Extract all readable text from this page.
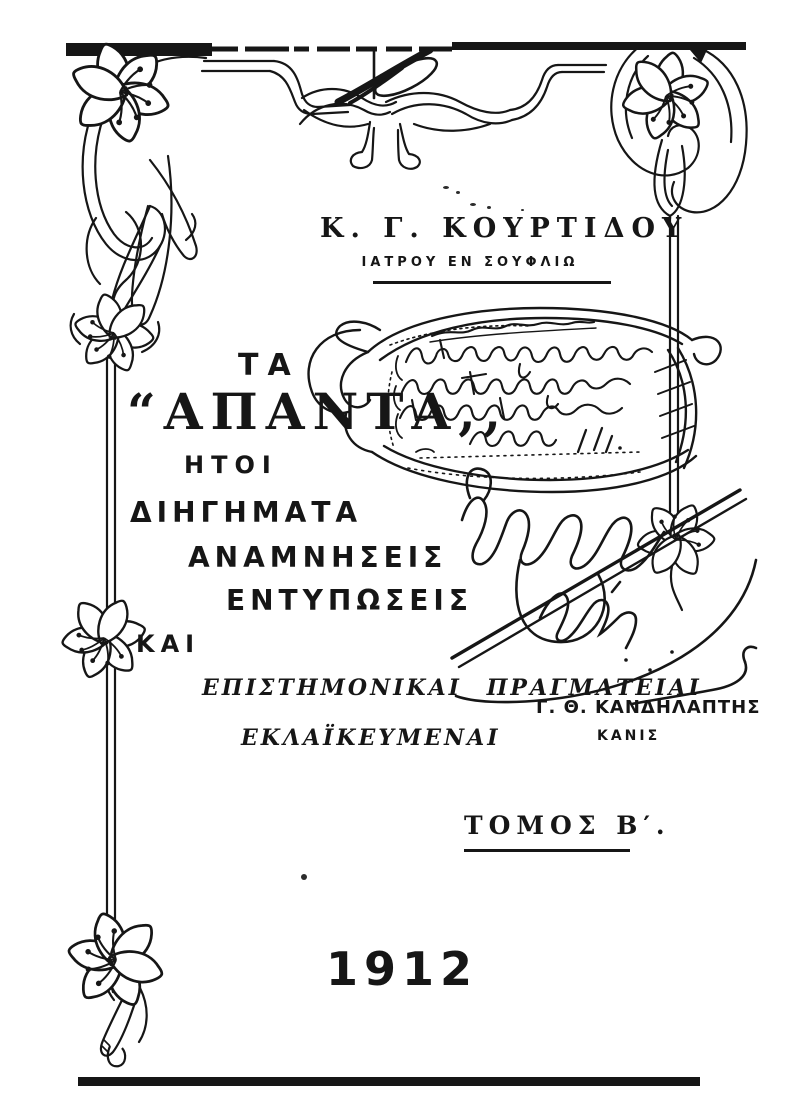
Κ. Γ. ΚΟΥΡΤΙΔΟΥ
ΙΑΤΡΟΥ ΕΝ ΣΟΥΦΛΙΩ
ΤΑ
“ΑΠΑΝΤΑ,,
ΗΤΟΙ
ΔΙΗΓΗΜΑΤΑ
ΑΝΑΜΝΗΣΕΙΣ
ΕΝΤΥΠΩΣΕΙΣ
ΚΑΙ
ΕΠΙΣΤΗΜΟΝΙΚΑΙ ΠΡΑΓΜΑΤΕΙΑΙ
ΕΚΛΑΪΚΕΥΜΕΝΑΙ
Γ. Θ. ΚΑΝΔΗΛΑΠΤΗΣ
ΚΑΝΙΣ
ΤΟΜΟΣ Β′.
1912
